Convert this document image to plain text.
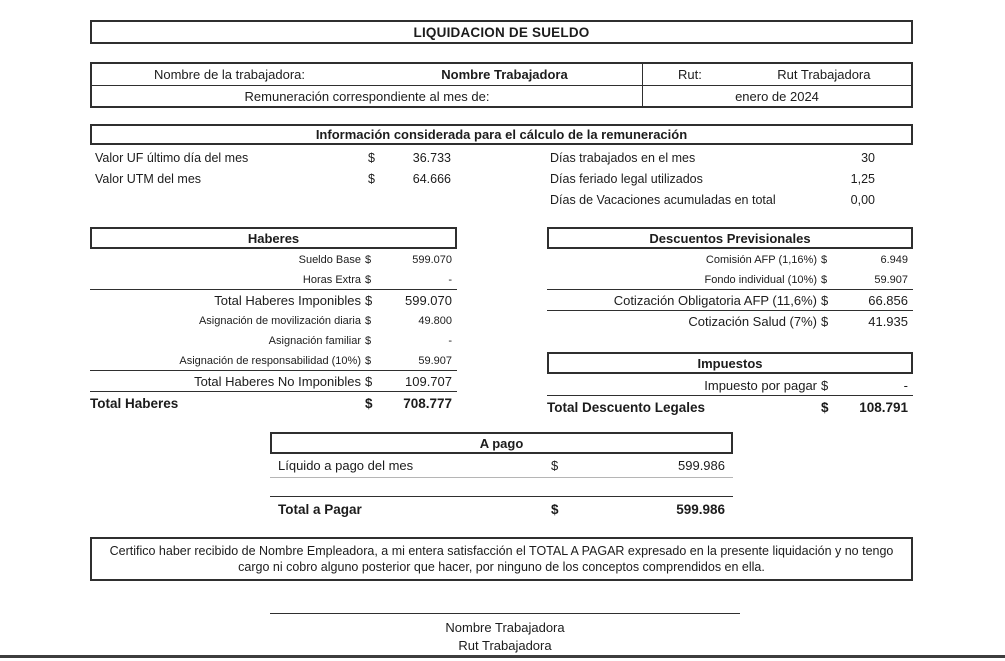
LIQUIDACION DE SUELDO
Nombre de la trabajadora:	Nombre Trabajadora	Rut:	Rut Trabajadora
Remuneración correspondiente al mes de:	enero de 2024
Información considerada para el cálculo de la remuneración
Valor UF último día del mes	$	36.733
Valor UTM del mes	$	64.666
Días trabajados en el mes	30
Días feriado legal utilizados	1,25
Días de Vacaciones acumuladas en total	0,00
Haberes
Sueldo Base $	599.070
Horas Extra $	-
Total Haberes Imponibles $	599.070
Asignación de movilización diaria $	49.800
Asignación familiar $	-
Asignación de responsabilidad (10%) $	59.907
Total Haberes No Imponibles $	109.707
Total Haberes	$	708.777
Descuentos Previsionales
Comisión AFP (1,16%) $	6.949
Fondo individual (10%) $	59.907
Cotización Obligatoria AFP (11,6%) $	66.856
Cotización Salud (7%) $	41.935
Impuestos
Impuesto por pagar $	-
Total Descuento Legales	$	108.791
A pago
Líquido a pago del mes	$	599.986
Total a Pagar	$	599.986

Certifico haber recibido de Nombre Empleadora, a mi entera satisfacción el TOTAL A PAGAR expresado en la presente liquidación y no tengo cargo ni cobro alguno posterior que hacer, por ninguno de los conceptos comprendidos en ella.

Nombre Trabajadora
Rut Trabajadora
